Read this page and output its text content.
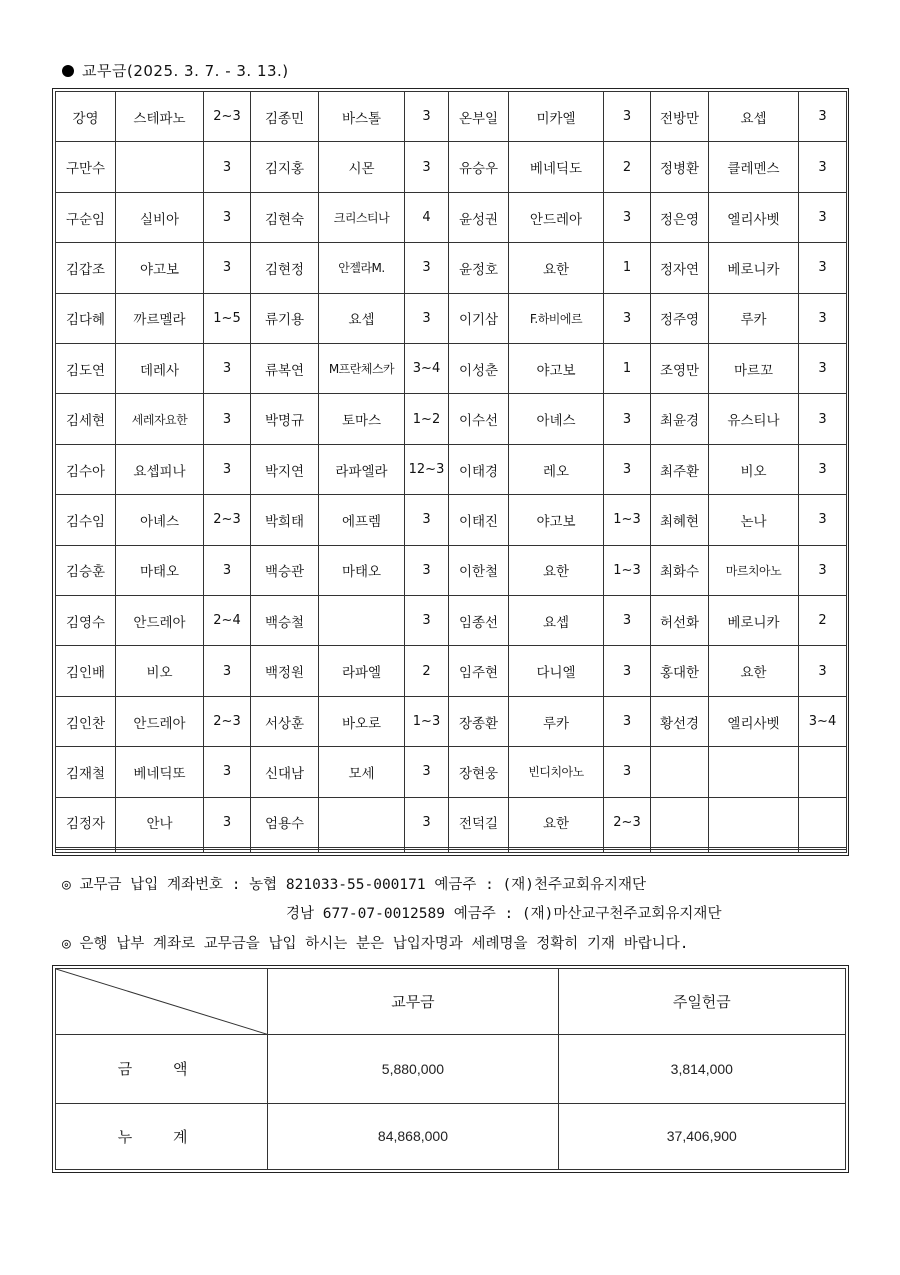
교무금(2025. 3. 7. - 3. 13.)
강영	스테파노	2~3	김종민	바스톨	3	온부일	미카엘	3	전방만	요셉	3
구만수		3	김지홍	시몬	3	유승우	베네딕도	2	정병환	클레멘스	3
구순임	실비아	3	김현숙	크리스티나	4	윤성권	안드레아	3	정은영	엘리사벳	3
김갑조	야고보	3	김현정	안젤라M.	3	윤정호	요한	1	정자연	베로니카	3
김다혜	까르멜라	1~5	류기용	요셉	3	이기삼	F.하비에르	3	정주영	루카	3
김도연	데레사	3	류복연	M프란체스카	3~4	이성춘	야고보	1	조영만	마르꼬	3
김세현	세레자요한	3	박명규	토마스	1~2	이수선	아녜스	3	최윤경	유스티나	3
김수아	요셉피나	3	박지연	라파엘라	12~3	이태경	레오	3	최주환	비오	3
김수임	아녜스	2~3	박희태	에프렘	3	이태진	야고보	1~3	최혜현	논나	3
김승훈	마태오	3	백승관	마태오	3	이한철	요한	1~3	최화수	마르치아노	3
김영수	안드레아	2~4	백승철		3	임종선	요셉	3	허선화	베로니카	2
김인배	비오	3	백정원	라파엘	2	임주현	다니엘	3	홍대한	요한	3
김인찬	안드레아	2~3	서상훈	바오로	1~3	장종환	루카	3	황선경	엘리사벳	3~4
김재철	베네딕또	3	신대남	모세	3	장현웅	빈디치아노	3			
김정자	안나	3	엄용수		3	전덕길	요한	2~3			

◎ 교무금 납입 계좌번호 : 농협 821033-55-000171 예금주 : (재)천주교회유지재단
경남 677-07-0012589 예금주 : (재)마산교구천주교회유지재단
◎ 은행 납부 계좌로 교무금을 납입 하시는 분은 납입자명과 세례명을 정확히 기재 바랍니다.
	교무금	주일헌금
금 액	5,880,000	3,814,000
누 계	84,868,000	37,406,900
